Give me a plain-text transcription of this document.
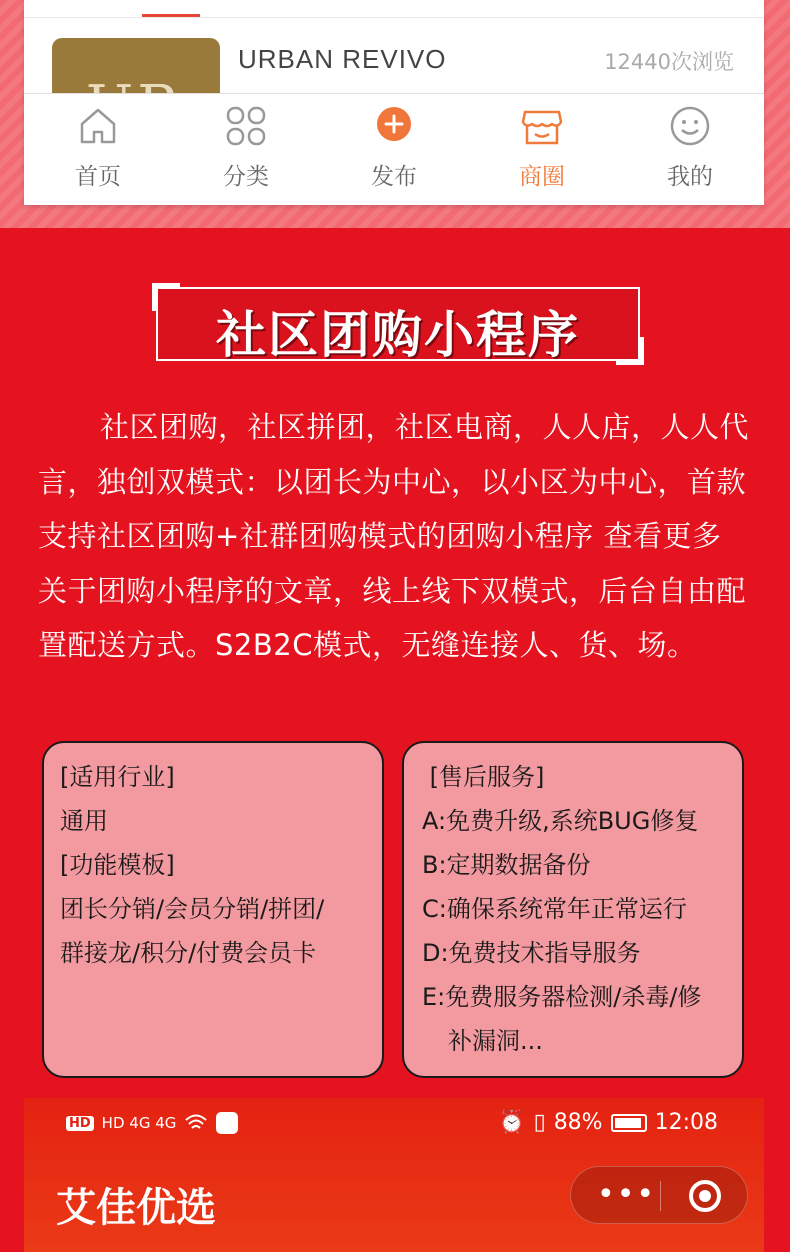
URBAN REVIVO	12440次浏览
首页	分类	发布	商圈	我的
社区团购小程序

社区团购，社区拼团，社区电商，人人店，人人代言，独创双模式：以团长为中心，以小区为中心，首款支持社区团购+社群团购模式的团购小程序 查看更多关于团购小程序的文章，线上线下双模式，后台自由配置配送方式。S2B2C模式，无缝连接人、货、场。

[适用行业]
通用
[功能模板]
团长分销/会员分销/拼团/
群接龙/积分/付费会员卡
[售后服务]
A:免费升级,系统BUG修复
B:定期数据备份
C:确保系统常年正常运行
D:免费技术指导服务
E:免费服务器检测/杀毒/修
补漏洞...
HD HD 4G 4G	⏰ ▯ 88% 12:08
艾佳优选	•••
